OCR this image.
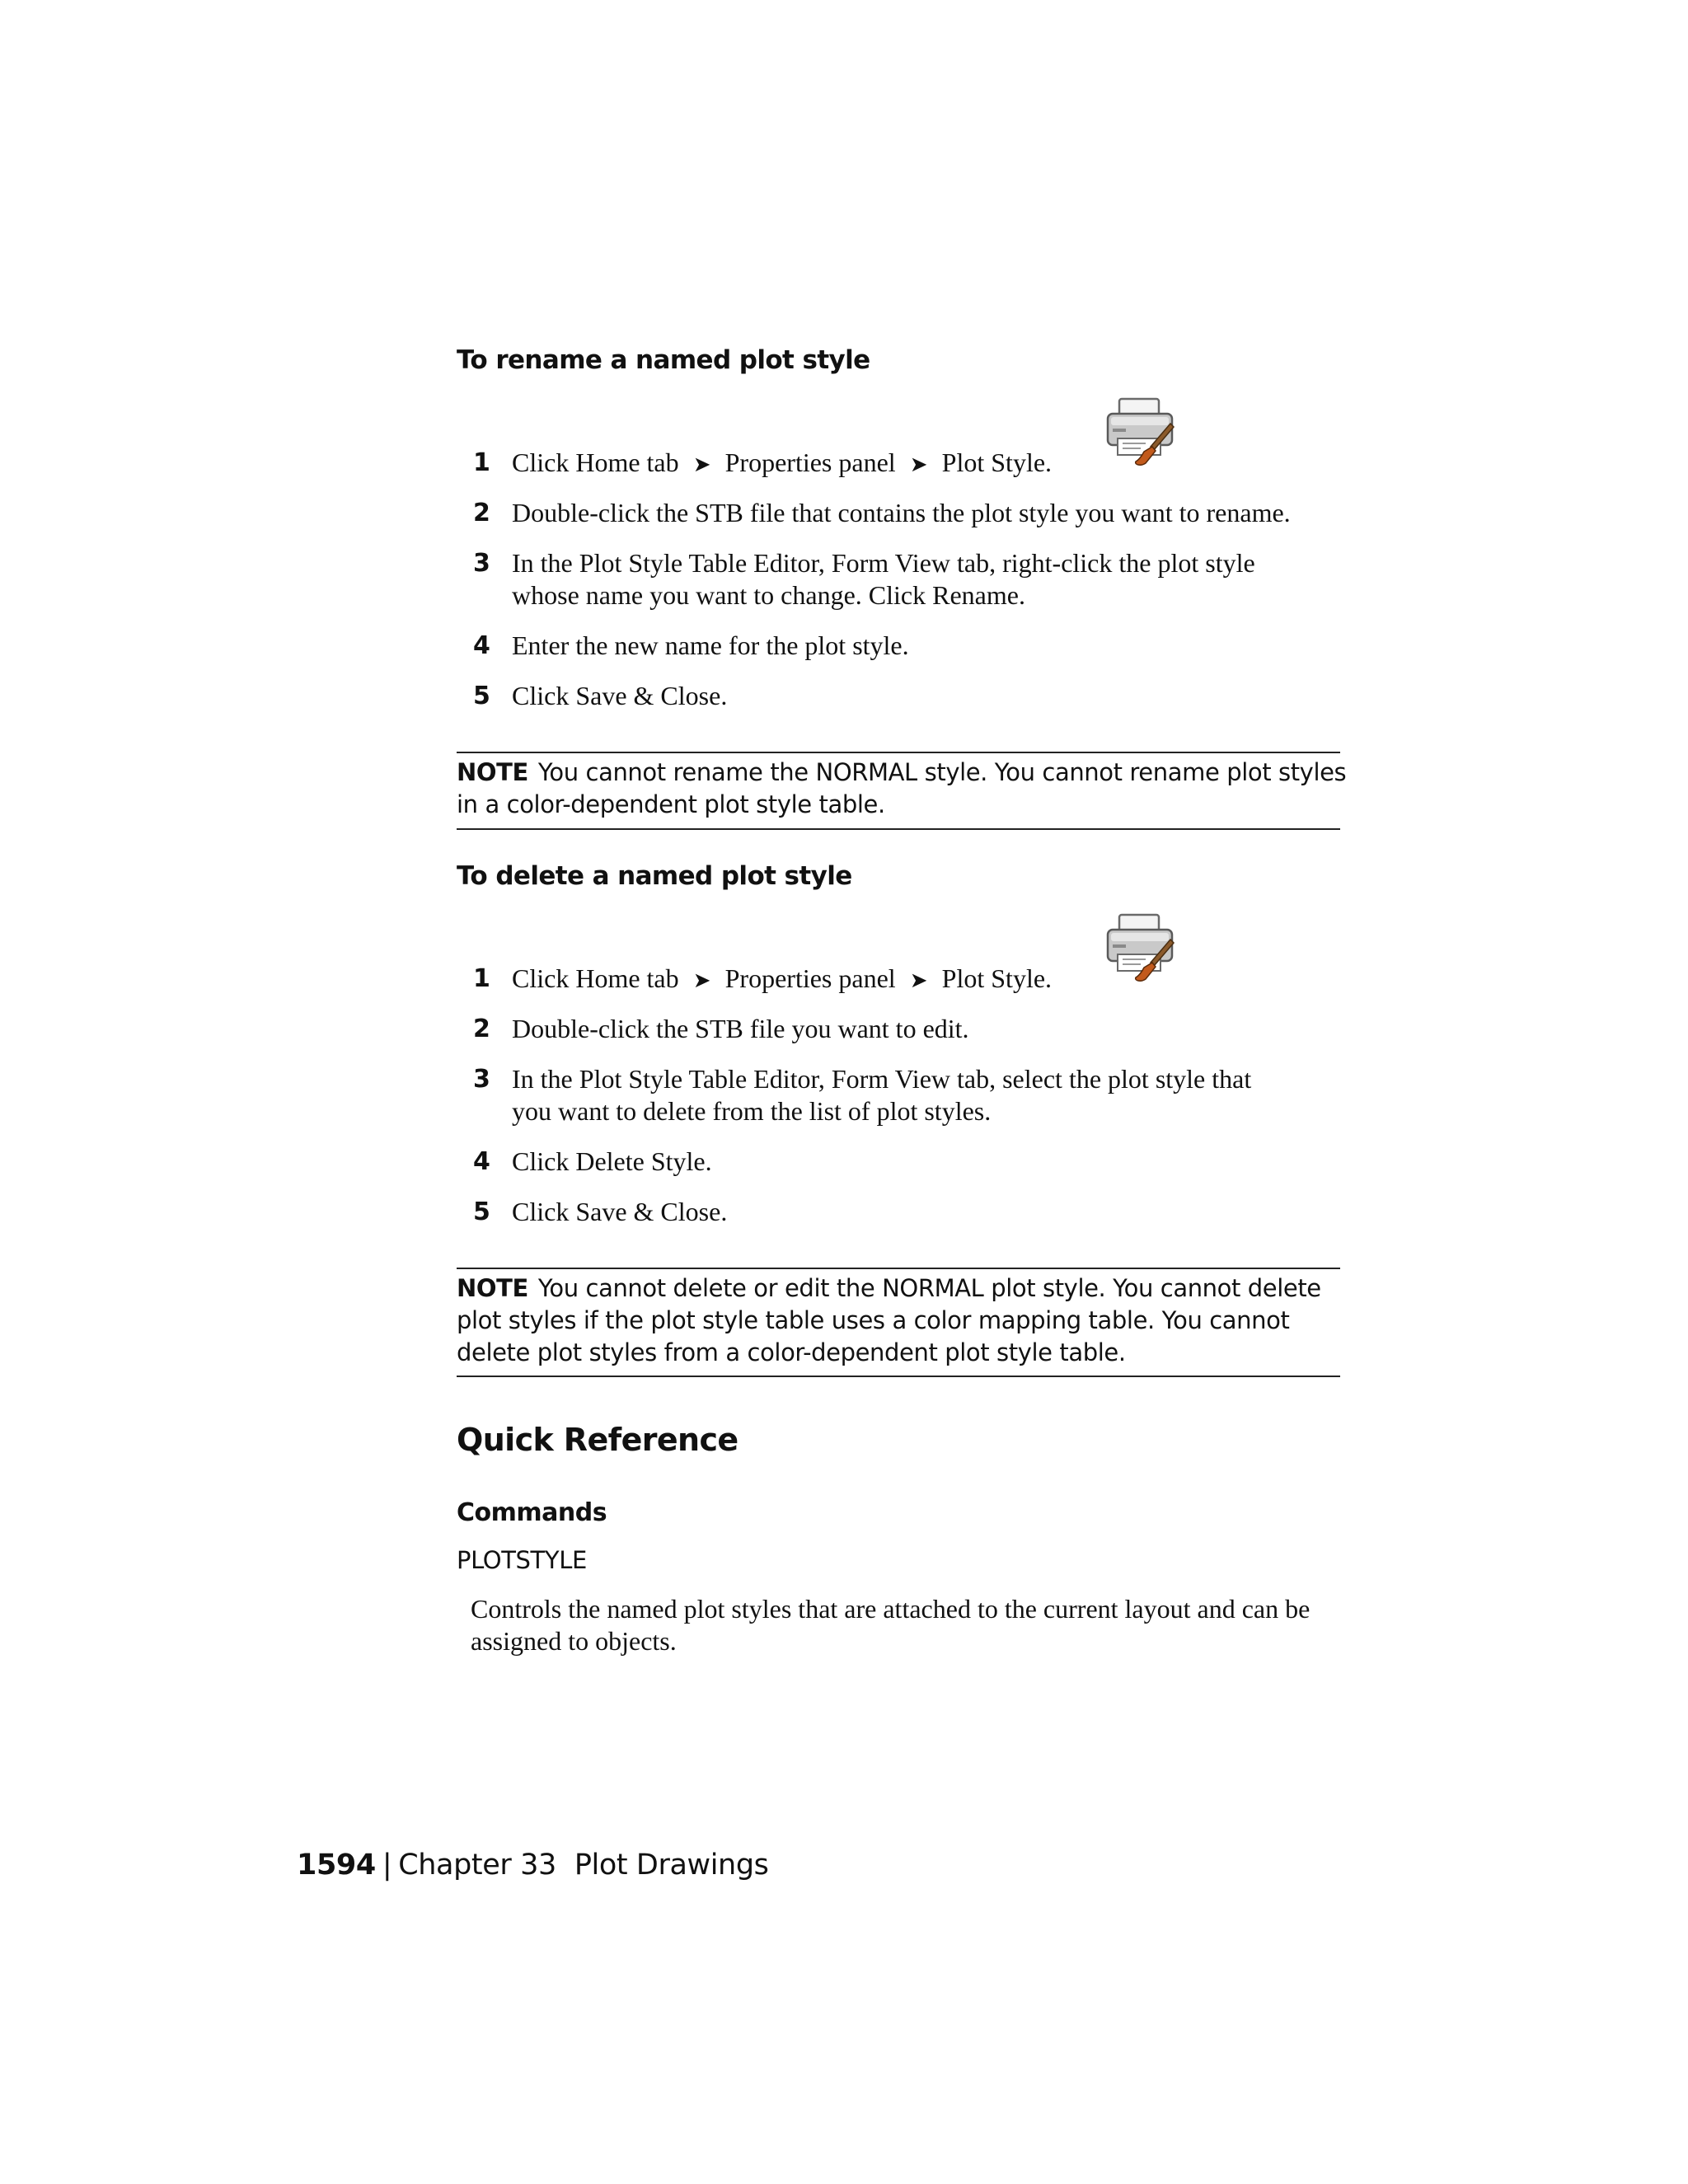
To rename a named plot style
1 Click Home tab ➤ Properties panel ➤ Plot Style.
2 Double-click the STB file that contains the plot style you want to rename.
3 In the Plot Style Table Editor, Form View tab, right-click the plot style
whose name you want to change. Click Rename.
4 Enter the new name for the plot style.
5 Click Save & Close.
NOTE You cannot rename the NORMAL style. You cannot rename plot styles in a color-dependent plot style table.
To delete a named plot style
1 Click Home tab ➤ Properties panel ➤ Plot Style.
2 Double-click the STB file you want to edit.
3 In the Plot Style Table Editor, Form View tab, select the plot style that
you want to delete from the list of plot styles.
4 Click Delete Style.
5 Click Save & Close.
NOTE You cannot delete or edit the NORMAL plot style. You cannot delete plot styles if the plot style table uses a color mapping table. You cannot delete plot styles from a color-dependent plot style table.
Quick Reference
Commands
PLOTSTYLE
Controls the named plot styles that are attached to the current layout and can be assigned to objects.
1594 | Chapter 33 Plot Drawings
